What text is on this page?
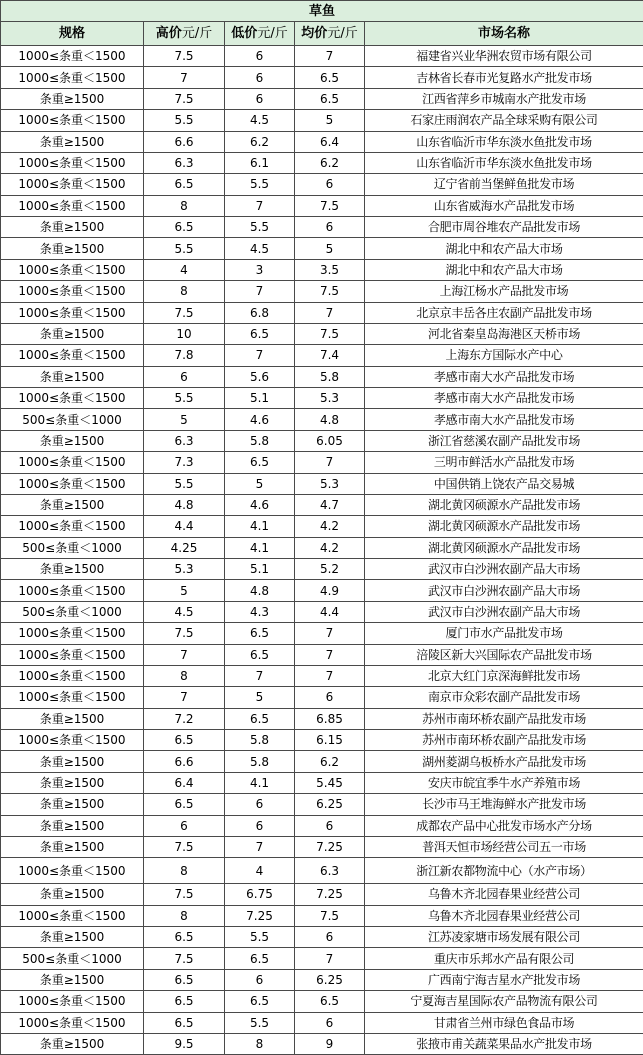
草鱼				
规格	高价元/斤	低价元/斤	均价元/斤	市场名称
1000≤条重＜1500	7.5	6	7	福建省兴业华洲农贸市场有限公司
1000≤条重＜1500	7	6	6.5	吉林省长春市光复路水产批发市场
条重≥1500	7.5	6	6.5	江西省萍乡市城南水产批发市场
1000≤条重＜1500	5.5	4.5	5	石家庄雨润农产品全球采购有限公司
条重≥1500	6.6	6.2	6.4	山东省临沂市华东淡水鱼批发市场
1000≤条重＜1500	6.3	6.1	6.2	山东省临沂市华东淡水鱼批发市场
1000≤条重＜1500	6.5	5.5	6	辽宁省前当堡鲜鱼批发市场
1000≤条重＜1500	8	7	7.5	山东省威海水产品批发市场
条重≥1500	6.5	5.5	6	合肥市周谷堆农产品批发市场
条重≥1500	5.5	4.5	5	湖北中和农产品大市场
1000≤条重＜1500	4	3	3.5	湖北中和农产品大市场
1000≤条重＜1500	8	7	7.5	上海江杨水产品批发市场
1000≤条重＜1500	7.5	6.8	7	北京京丰岳各庄农副产品批发市场
条重≥1500	10	6.5	7.5	河北省秦皇岛海港区天桥市场
1000≤条重＜1500	7.8	7	7.4	上海东方国际水产中心
条重≥1500	6	5.6	5.8	孝感市南大水产品批发市场
1000≤条重＜1500	5.5	5.1	5.3	孝感市南大水产品批发市场
500≤条重＜1000	5	4.6	4.8	孝感市南大水产品批发市场
条重≥1500	6.3	5.8	6.05	浙江省慈溪农副产品批发市场
1000≤条重＜1500	7.3	6.5	7	三明市鲜活水产品批发市场
1000≤条重＜1500	5.5	5	5.3	中国供销上饶农产品交易城
条重≥1500	4.8	4.6	4.7	湖北黄冈硕源水产品批发市场
1000≤条重＜1500	4.4	4.1	4.2	湖北黄冈硕源水产品批发市场
500≤条重＜1000	4.25	4.1	4.2	湖北黄冈硕源水产品批发市场
条重≥1500	5.3	5.1	5.2	武汉市白沙洲农副产品大市场
1000≤条重＜1500	5	4.8	4.9	武汉市白沙洲农副产品大市场
500≤条重＜1000	4.5	4.3	4.4	武汉市白沙洲农副产品大市场
1000≤条重＜1500	7.5	6.5	7	厦门市水产品批发市场
1000≤条重＜1500	7	6.5	7	涪陵区新大兴国际农产品批发市场
1000≤条重＜1500	8	7	7	北京大红门京深海鲜批发市场
1000≤条重＜1500	7	5	6	南京市众彩农副产品批发市场
条重≥1500	7.2	6.5	6.85	苏州市南环桥农副产品批发市场
1000≤条重＜1500	6.5	5.8	6.15	苏州市南环桥农副产品批发市场
条重≥1500	6.6	5.8	6.2	湖州菱湖乌板桥水产品批发市场
条重≥1500	6.4	4.1	5.45	安庆市皖宜季牛水产养殖市场
条重≥1500	6.5	6	6.25	长沙市马王堆海鲜水产批发市场
条重≥1500	6	6	6	成都农产品中心批发市场水产分场
条重≥1500	7.5	7	7.25	普洱天恒市场经营公司五一市场
1000≤条重＜1500	8	4	6.3	浙江新农都物流中心（水产市场）
条重≥1500	7.5	6.75	7.25	乌鲁木齐北园春果业经营公司
1000≤条重＜1500	8	7.25	7.5	乌鲁木齐北园春果业经营公司
条重≥1500	6.5	5.5	6	江苏凌家塘市场发展有限公司
500≤条重＜1000	7.5	6.5	7	重庆市乐邦水产品有限公司
条重≥1500	6.5	6	6.25	广西南宁海吉星水产批发市场
1000≤条重＜1500	6.5	6.5	6.5	宁夏海吉星国际农产品物流有限公司
1000≤条重＜1500	6.5	5.5	6	甘肃省兰州市绿色食品市场
条重≥1500	9.5	8	9	张掖市甫关蔬菜果品水产批发市场
